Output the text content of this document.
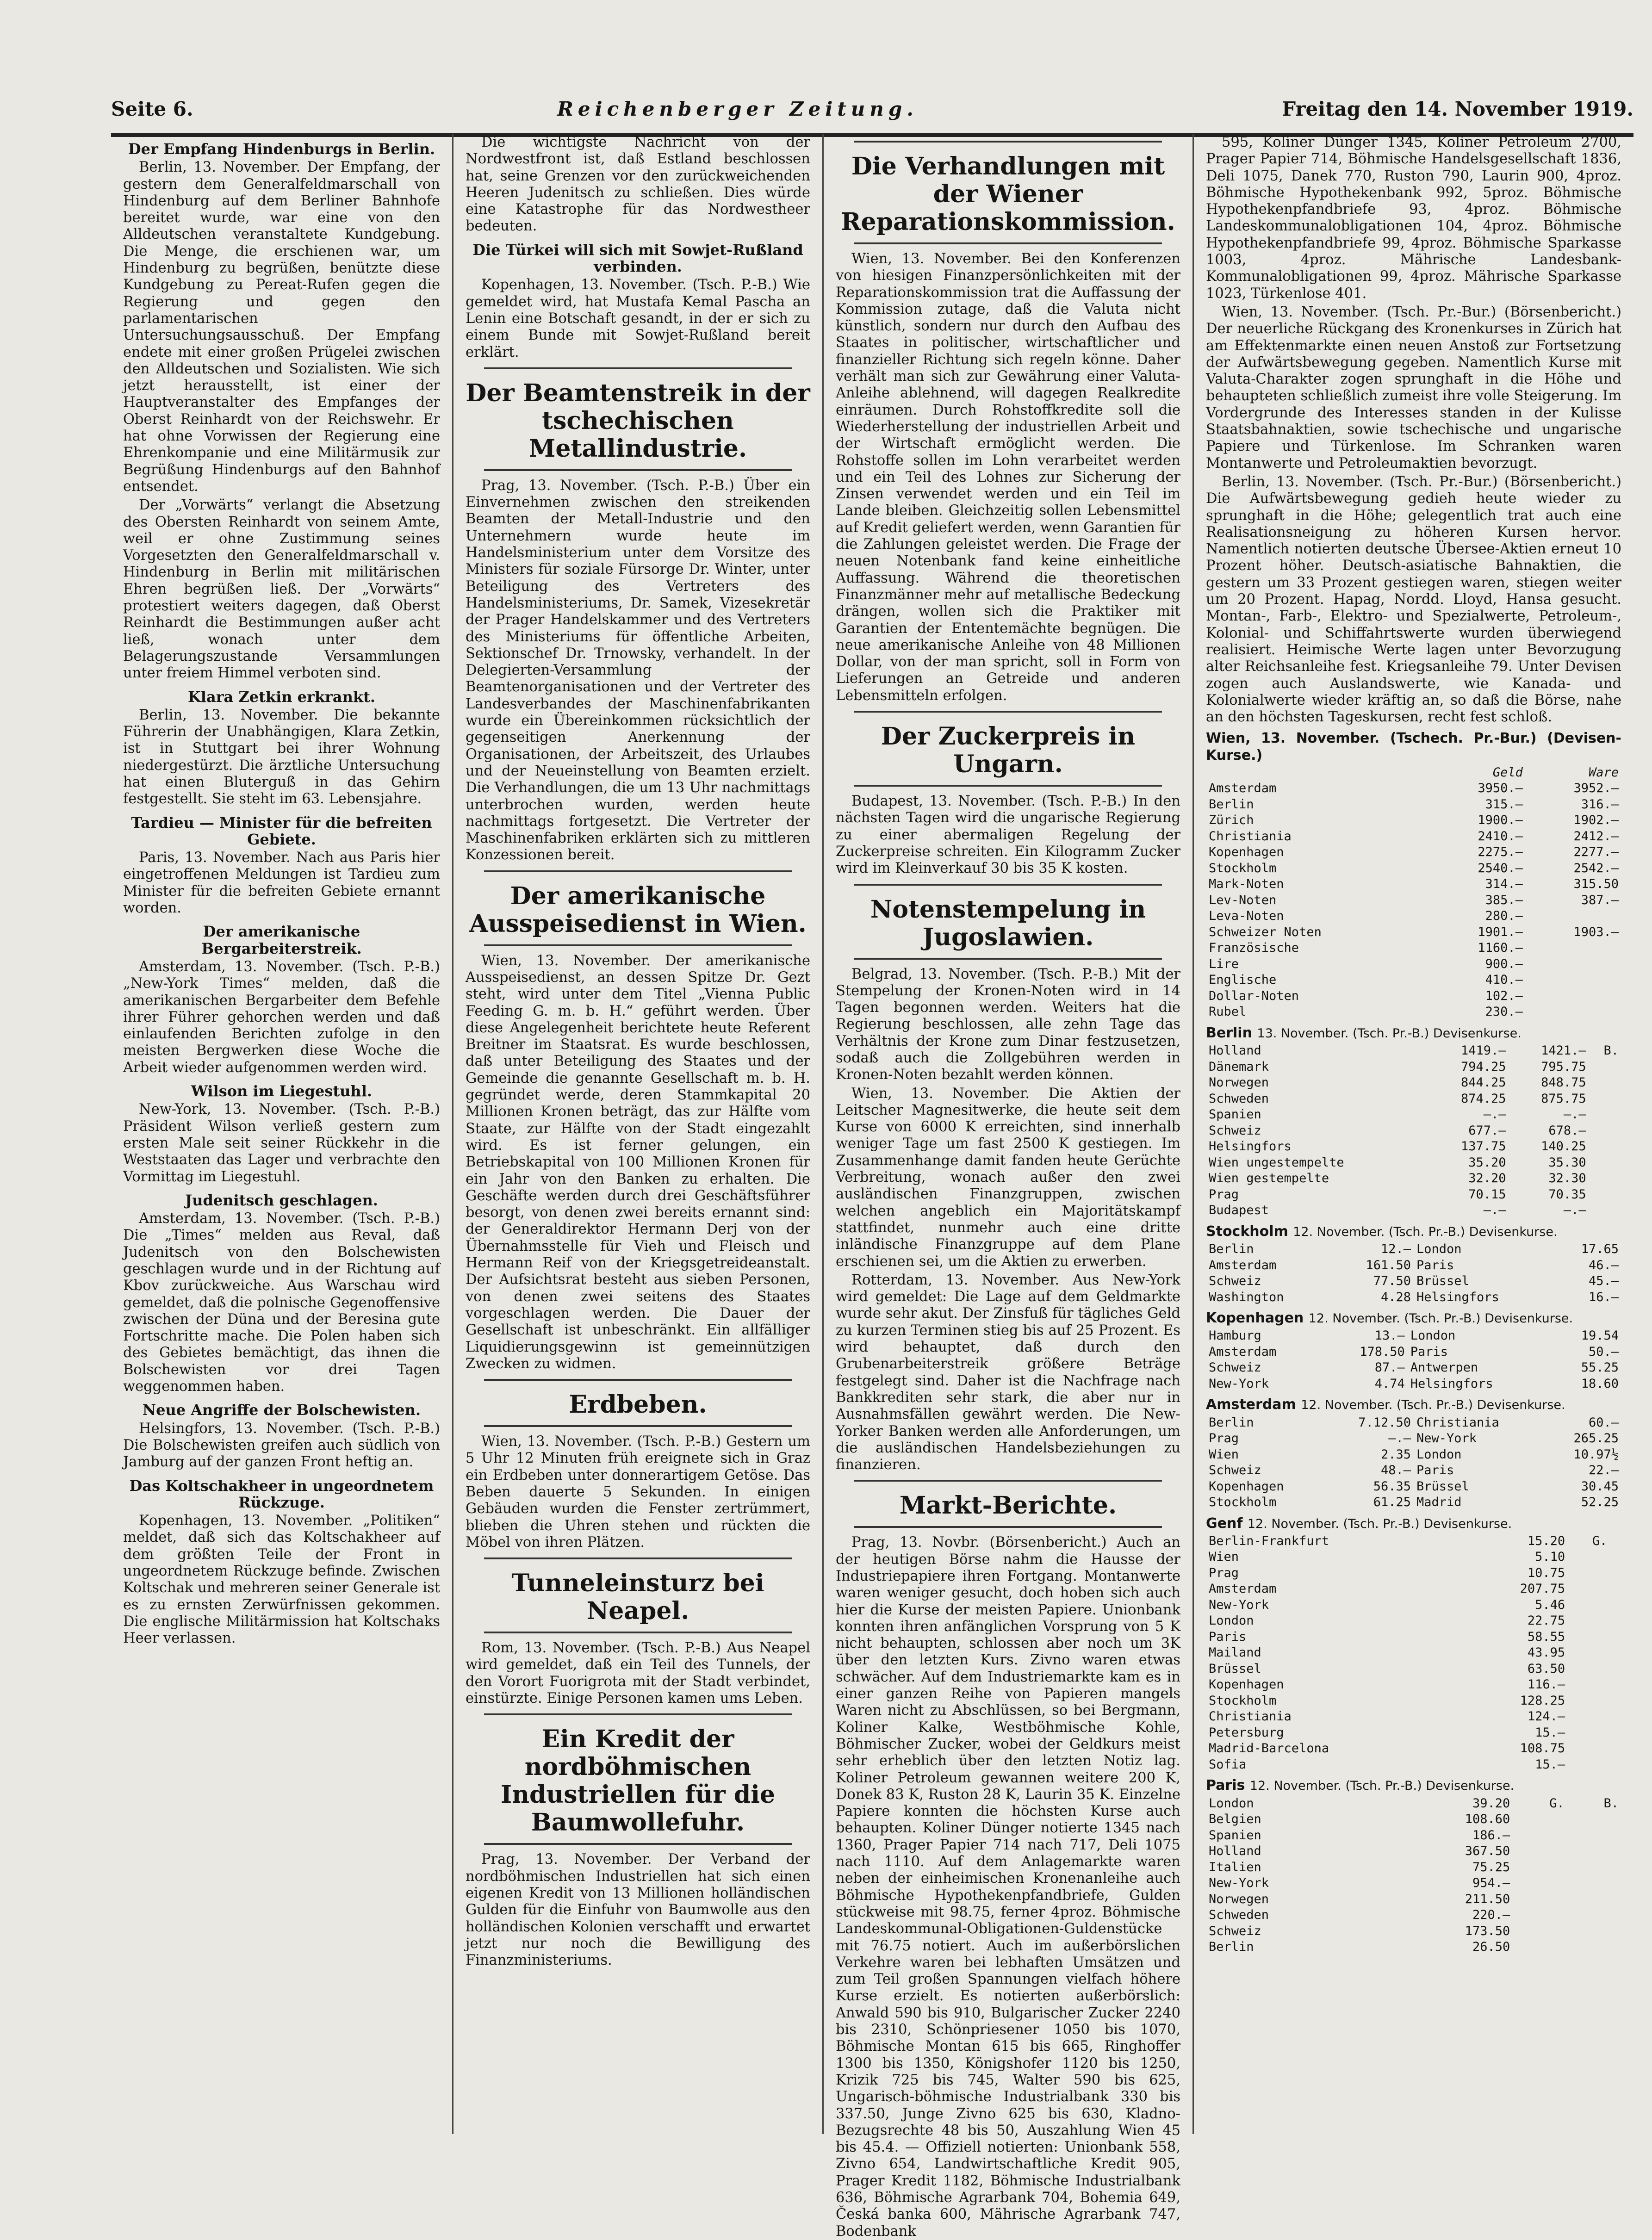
Seite 6.	Reichenberger Zeitung.	Freitag den 14. November 1919.
Der Empfang Hindenburgs in Berlin.

Berlin, 13. November. Der Empfang, der gestern dem Generalfeldmarschall von Hindenburg auf dem Berliner Bahnhofe bereitet wurde, war eine von den Alldeutschen veranstaltete Kundgebung. Die Menge, die erschienen war, um Hindenburg zu begrüßen, benützte diese Kundgebung zu Pereat-Rufen gegen die Regierung und gegen den parlamentarischen Untersuchungsausschuß. Der Empfang endete mit einer großen Prügelei zwischen den Alldeutschen und Sozialisten. Wie sich jetzt herausstellt, ist einer der Hauptveranstalter des Empfanges der Oberst Reinhardt von der Reichswehr. Er hat ohne Vorwissen der Regierung eine Ehrenkompanie und eine Militärmusik zur Begrüßung Hindenburgs auf den Bahnhof entsendet.

Der „Vorwärts“ verlangt die Absetzung des Obersten Reinhardt von seinem Amte, weil er ohne Zustimmung seines Vorgesetzten den Generalfeldmarschall v. Hindenburg in Berlin mit militärischen Ehren begrüßen ließ. Der „Vorwärts“ protestiert weiters dagegen, daß Oberst Reinhardt die Bestimmungen außer acht ließ, wonach unter dem Belagerungszustande Versammlungen unter freiem Himmel verboten sind.

Klara Zetkin erkrankt.

Berlin, 13. November. Die bekannte Führerin der Unabhängigen, Klara Zetkin, ist in Stuttgart bei ihrer Wohnung niedergestürzt. Die ärztliche Untersuchung hat einen Bluterguß in das Gehirn festgestellt. Sie steht im 63. Lebensjahre.

Tardieu — Minister für die befreiten Gebiete.

Paris, 13. November. Nach aus Paris hier eingetroffenen Meldungen ist Tardieu zum Minister für die befreiten Gebiete ernannt worden.

Der amerikanische Bergarbeiterstreik.

Amsterdam, 13. November. (Tsch. P.-B.) „New-York Times“ melden, daß die amerikanischen Bergarbeiter dem Befehle ihrer Führer gehorchen werden und daß einlaufenden Berichten zufolge in den meisten Bergwerken diese Woche die Arbeit wieder aufgenommen werden wird.

Wilson im Liegestuhl.

New-York, 13. November. (Tsch. P.-B.) Präsident Wilson verließ gestern zum ersten Male seit seiner Rückkehr in die Weststaaten das Lager und verbrachte den Vormittag im Liegestuhl.

Judenitsch geschlagen.

Amsterdam, 13. November. (Tsch. P.-B.) Die „Times“ melden aus Reval, daß Judenitsch von den Bolschewisten geschlagen wurde und in der Richtung auf Kbov zurückweiche. Aus Warschau wird gemeldet, daß die polnische Gegenoffensive zwischen der Düna und der Beresina gute Fortschritte mache. Die Polen haben sich des Gebietes bemächtigt, das ihnen die Bolschewisten vor drei Tagen weggenommen haben.

Neue Angriffe der Bolschewisten.

Helsingfors, 13. November. (Tsch. P.-B.) Die Bolschewisten greifen auch südlich von Jamburg auf der ganzen Front heftig an.

Das Koltschakheer in ungeordnetem Rückzuge.

Kopenhagen, 13. November. „Politiken“ meldet, daß sich das Koltschakheer auf dem größten Teile der Front in ungeordnetem Rückzuge befinde. Zwischen Koltschak und mehreren seiner Generale ist es zu ernsten Zerwürfnissen gekommen. Die englische Militärmission hat Koltschaks Heer verlassen.

Die wichtigste Nachricht von der Nordwestfront ist, daß Estland beschlossen hat, seine Grenzen vor den zurückweichenden Heeren Judenitsch zu schließen. Dies würde eine Katastrophe für das Nordwestheer bedeuten.

Die Türkei will sich mit Sowjet-Rußland verbinden.

Kopenhagen, 13. November. (Tsch. P.-B.) Wie gemeldet wird, hat Mustafa Kemal Pascha an Lenin eine Botschaft gesandt, in der er sich zu einem Bunde mit Sowjet-Rußland bereit erklärt.

Der Beamtenstreik in der tschechischen Metallindustrie.

Prag, 13. November. (Tsch. P.-B.) Über ein Einvernehmen zwischen den streikenden Beamten der Metall-Industrie und den Unternehmern wurde heute im Handelsministerium unter dem Vorsitze des Ministers für soziale Fürsorge Dr. Winter, unter Beteiligung des Vertreters des Handelsministeriums, Dr. Samek, Vizesekretär der Prager Handelskammer und des Vertreters des Ministeriums für öffentliche Arbeiten, Sektionschef Dr. Trnowsky, verhandelt. In der Delegierten-Versammlung der Beamtenorganisationen und der Vertreter des Landesverbandes der Maschinenfabrikanten wurde ein Übereinkommen rücksichtlich der gegenseitigen Anerkennung der Organisationen, der Arbeitszeit, des Urlaubes und der Neueinstellung von Beamten erzielt. Die Verhandlungen, die um 13 Uhr nachmittags unterbrochen wurden, werden heute nachmittags fortgesetzt. Die Vertreter der Maschinenfabriken erklärten sich zu mittleren Konzessionen bereit.

Der amerikanische Ausspeisedienst in Wien.

Wien, 13. November. Der amerikanische Ausspeisedienst, an dessen Spitze Dr. Gezt steht, wird unter dem Titel „Vienna Public Feeding G. m. b. H.“ geführt werden. Über diese Angelegenheit berichtete heute Referent Breitner im Staatsrat. Es wurde beschlossen, daß unter Beteiligung des Staates und der Gemeinde die genannte Gesellschaft m. b. H. gegründet werde, deren Stammkapital 20 Millionen Kronen beträgt, das zur Hälfte vom Staate, zur Hälfte von der Stadt eingezahlt wird. Es ist ferner gelungen, ein Betriebskapital von 100 Millionen Kronen für ein Jahr von den Banken zu erhalten. Die Geschäfte werden durch drei Geschäftsführer besorgt, von denen zwei bereits ernannt sind: der Generaldirektor Hermann Derj von der Übernahmsstelle für Vieh und Fleisch und Hermann Reif von der Kriegsgetreideanstalt. Der Aufsichtsrat besteht aus sieben Personen, von denen zwei seitens des Staates vorgeschlagen werden. Die Dauer der Gesellschaft ist unbeschränkt. Ein allfälliger Liquidierungsgewinn ist gemeinnützigen Zwecken zu widmen.

Erdbeben.

Wien, 13. November. (Tsch. P.-B.) Gestern um 5 Uhr 12 Minuten früh ereignete sich in Graz ein Erdbeben unter donnerartigem Getöse. Das Beben dauerte 5 Sekunden. In einigen Gebäuden wurden die Fenster zertrümmert, blieben die Uhren stehen und rückten die Möbel von ihren Plätzen.

Tunneleinsturz bei Neapel.

Rom, 13. November. (Tsch. P.-B.) Aus Neapel wird gemeldet, daß ein Teil des Tunnels, der den Vorort Fuorigrota mit der Stadt verbindet, einstürzte. Einige Personen kamen ums Leben.

Ein Kredit der nordböhmischen Industriellen für die Baumwollefuhr.

Prag, 13. November. Der Verband der nordböhmischen Industriellen hat sich einen eigenen Kredit von 13 Millionen holländischen Gulden für die Einfuhr von Baumwolle aus den holländischen Kolonien verschafft und erwartet jetzt nur noch die Bewilligung des Finanzministeriums.

Die Verhandlungen mit der Wiener Reparationskommission.

Wien, 13. November. Bei den Konferenzen von hiesigen Finanzpersönlichkeiten mit der Reparationskommission trat die Auffassung der Kommission zutage, daß die Valuta nicht künstlich, sondern nur durch den Aufbau des Staates in politischer, wirtschaftlicher und finanzieller Richtung sich regeln könne. Daher verhält man sich zur Gewährung einer Valuta-Anleihe ablehnend, will dagegen Realkredite einräumen. Durch Rohstoffkredite soll die Wiederherstellung der industriellen Arbeit und der Wirtschaft ermöglicht werden. Die Rohstoffe sollen im Lohn verarbeitet werden und ein Teil des Lohnes zur Sicherung der Zinsen verwendet werden und ein Teil im Lande bleiben. Gleichzeitig sollen Lebensmittel auf Kredit geliefert werden, wenn Garantien für die Zahlungen geleistet werden. Die Frage der neuen Notenbank fand keine einheitliche Auffassung. Während die theoretischen Finanzmänner mehr auf metallische Bedeckung drängen, wollen sich die Praktiker mit Garantien der Ententemächte begnügen. Die neue amerikanische Anleihe von 48 Millionen Dollar, von der man spricht, soll in Form von Lieferungen an Getreide und anderen Lebensmitteln erfolgen.

Der Zuckerpreis in Ungarn.

Budapest, 13. November. (Tsch. P.-B.) In den nächsten Tagen wird die ungarische Regierung zu einer abermaligen Regelung der Zuckerpreise schreiten. Ein Kilogramm Zucker wird im Kleinverkauf 30 bis 35 K kosten.

Notenstempelung in Jugoslawien.

Belgrad, 13. November. (Tsch. P.-B.) Mit der Stempelung der Kronen-Noten wird in 14 Tagen begonnen werden. Weiters hat die Regierung beschlossen, alle zehn Tage das Verhältnis der Krone zum Dinar festzusetzen, sodaß auch die Zollgebühren werden in Kronen-Noten bezahlt werden können.

Wien, 13. November. Die Aktien der Leitscher Magnesitwerke, die heute seit dem Kurse von 6000 K erreichten, sind innerhalb weniger Tage um fast 2500 K gestiegen. Im Zusammenhange damit fanden heute Gerüchte Verbreitung, wonach außer den zwei ausländischen Finanzgruppen, zwischen welchen angeblich ein Majoritätskampf stattfindet, nunmehr auch eine dritte inländische Finanzgruppe auf dem Plane erschienen sei, um die Aktien zu erwerben.

Rotterdam, 13. November. Aus New-York wird gemeldet: Die Lage auf dem Geldmarkte wurde sehr akut. Der Zinsfuß für tägliches Geld zu kurzen Terminen stieg bis auf 25 Prozent. Es wird behauptet, daß durch den Grubenarbeiterstreik größere Beträge festgelegt sind. Daher ist die Nachfrage nach Bankkrediten sehr stark, die aber nur in Ausnahmsfällen gewährt werden. Die New-Yorker Banken werden alle Anforderungen, um die ausländischen Handelsbeziehungen zu finanzieren.

Markt-Berichte.

Prag, 13. Novbr. (Börsenbericht.) Auch an der heutigen Börse nahm die Hausse der Industriepapiere ihren Fortgang. Montanwerte waren weniger gesucht, doch hoben sich auch hier die Kurse der meisten Papiere. Unionbank konnten ihren anfänglichen Vorsprung von 5 K nicht behaupten, schlossen aber noch um 3K über den letzten Kurs. Zivno waren etwas schwächer. Auf dem Industriemarkte kam es in einer ganzen Reihe von Papieren mangels Waren nicht zu Abschlüssen, so bei Bergmann, Koliner Kalke, Westböhmische Kohle, Böhmischer Zucker, wobei der Geldkurs meist sehr erheblich über den letzten Notiz lag. Koliner Petroleum gewannen weitere 200 K, Donek 83 K, Ruston 28 K, Laurin 35 K. Einzelne Papiere konnten die höchsten Kurse auch behaupten. Koliner Dünger notierte 1345 nach 1360, Prager Papier 714 nach 717, Deli 1075 nach 1110. Auf dem Anlagemarkte waren neben der einheimischen Kronenanleihe auch Böhmische Hypothekenpfandbriefe, Gulden stückweise mit 98.75, ferner 4proz. Böhmische Landeskommunal-Obligationen-Guldenstücke mit 76.75 notiert. Auch im außerbörslichen Verkehre waren bei lebhaften Umsätzen und zum Teil großen Spannungen vielfach höhere Kurse erzielt. Es notierten außerbörslich: Anwald 590 bis 910, Bulgarischer Zucker 2240 bis 2310, Schönpriesener 1050 bis 1070, Böhmische Montan 615 bis 665, Ringhoffer 1300 bis 1350, Königshofer 1120 bis 1250, Krizik 725 bis 745, Walter 590 bis 625, Ungarisch-böhmische Industrialbank 330 bis 337.50, Junge Zivno 625 bis 630, Kladno-Bezugsrechte 48 bis 50, Auszahlung Wien 45 bis 45.4. — Offiziell notierten: Unionbank 558, Zivno 654, Landwirtschaftliche Kredit 905, Prager Kredit 1182, Böhmische Industrialbank 636, Böhmische Agrarbank 704, Bohemia 649, Česká banka 600, Mährische Agrarbank 747, Bodenbank

595, Koliner Dünger 1345, Koliner Petroleum 2700, Prager Papier 714, Böhmische Handelsgesellschaft 1836, Deli 1075, Danek 770, Ruston 790, Laurin 900, 4proz. Böhmische Hypothekenbank 992, 5proz. Böhmische Hypothekenpfandbriefe 93, 4proz. Böhmische Landeskommunalobligationen 104, 4proz. Böhmische Hypothekenpfandbriefe 99, 4proz. Böhmische Sparkasse 1003, 4proz. Mährische Landesbank-Kommunalobligationen 99, 4proz. Mährische Sparkasse 1023, Türkenlose 401.

Wien, 13. November. (Tsch. Pr.-Bur.) (Börsenbericht.) Der neuerliche Rückgang des Kronenkurses in Zürich hat am Effektenmarkte einen neuen Anstoß zur Fortsetzung der Aufwärtsbewegung gegeben. Namentlich Kurse mit Valuta-Charakter zogen sprunghaft in die Höhe und behaupteten schließlich zumeist ihre volle Steigerung. Im Vordergrunde des Interesses standen in der Kulisse Staatsbahnaktien, sowie tschechische und ungarische Papiere und Türkenlose. Im Schranken waren Montanwerte und Petroleumaktien bevorzugt.

Berlin, 13. November. (Tsch. Pr.-Bur.) (Börsenbericht.) Die Aufwärtsbewegung gedieh heute wieder zu sprunghaft in die Höhe; gelegentlich trat auch eine Realisationsneigung zu höheren Kursen hervor. Namentlich notierten deutsche Übersee-Aktien erneut 10 Prozent höher. Deutsch-asiatische Bahnaktien, die gestern um 33 Prozent gestiegen waren, stiegen weiter um 20 Prozent. Hapag, Nordd. Lloyd, Hansa gesucht. Montan-, Farb-, Elektro- und Spezialwerte, Petroleum-, Kolonial- und Schiffahrtswerte wurden überwiegend realisiert. Heimische Werte lagen unter Bevorzugung alter Reichsanleihe fest. Kriegsanleihe 79. Unter Devisen zogen auch Auslandswerte, wie Kanada- und Kolonialwerte wieder kräftig an, so daß die Börse, nahe an den höchsten Tageskursen, recht fest schloß.

Wien, 13. November. (Tschech. Pr.-Bur.) (Devisen-Kurse.)
	Geld	Ware
Amsterdam	3950.—	3952.—
Berlin	315.—	316.—
Zürich	1900.—	1902.—
Christiania	2410.—	2412.—
Kopenhagen	2275.—	2277.—
Stockholm	2540.—	2542.—
Mark-Noten	314.—	315.50
Lev-Noten	385.—	387.—
Leva-Noten	280.—	
Schweizer Noten	1901.—	1903.—
Französische	1160.—	
Lire	900.—	
Englische	410.—	
Dollar-Noten	102.—	
Rubel	230.—	
Berlin 13. November. (Tsch. Pr.-B.) Devisenkurse.
Holland	1419.—	1421.—	B.
Dänemark	794.25	795.75	
Norwegen	844.25	848.75	
Schweden	874.25	875.75	
Spanien	—.—	—.—	
Schweiz	677.—	678.—	
Helsingfors	137.75	140.25	
Wien ungestempelte	35.20	35.30	
Wien gestempelte	32.20	32.30	
Prag	70.15	70.35	
Budapest	—.—	—.—	
Stockholm 12. November. (Tsch. Pr.-B.) Devisenkurse.
Berlin	12.—	London	17.65
Amsterdam	161.50	Paris	46.—
Schweiz	77.50	Brüssel	45.—
Washington	4.28	Helsingfors	16.—
Kopenhagen 12. November. (Tsch. Pr.-B.) Devisenkurse.
Hamburg	13.—	London	19.54
Amsterdam	178.50	Paris	50.—
Schweiz	87.—	Antwerpen	55.25
New-York	4.74	Helsingfors	18.60
Amsterdam 12. November. (Tsch. Pr.-B.) Devisenkurse.
Berlin	7.12.50	Christiania	60.—
Prag	—.—	New-York	265.25
Wien	2.35	London	10.97½
Schweiz	48.—	Paris	22.—
Kopenhagen	56.35	Brüssel	30.45
Stockholm	61.25	Madrid	52.25
Genf 12. November. (Tsch. Pr.-B.) Devisenkurse.
Berlin-Frankfurt	15.20	G.	
Wien	5.10		
Prag	10.75		
Amsterdam	207.75		
New-York	5.46		
London	22.75		
Paris	58.55		
Mailand	43.95		
Brüssel	63.50		
Kopenhagen	116.—		
Stockholm	128.25		
Christiania	124.—		
Petersburg	15.—		
Madrid-Barcelona	108.75		
Sofia	15.—		
Paris 12. November. (Tsch. Pr.-B.) Devisenkurse.
London	39.20	G.	B.
Belgien	108.60		
Spanien	186.—		
Holland	367.50		
Italien	75.25		
New-York	954.—		
Norwegen	211.50		
Schweden	220.—		
Schweiz	173.50		
Berlin	26.50		
